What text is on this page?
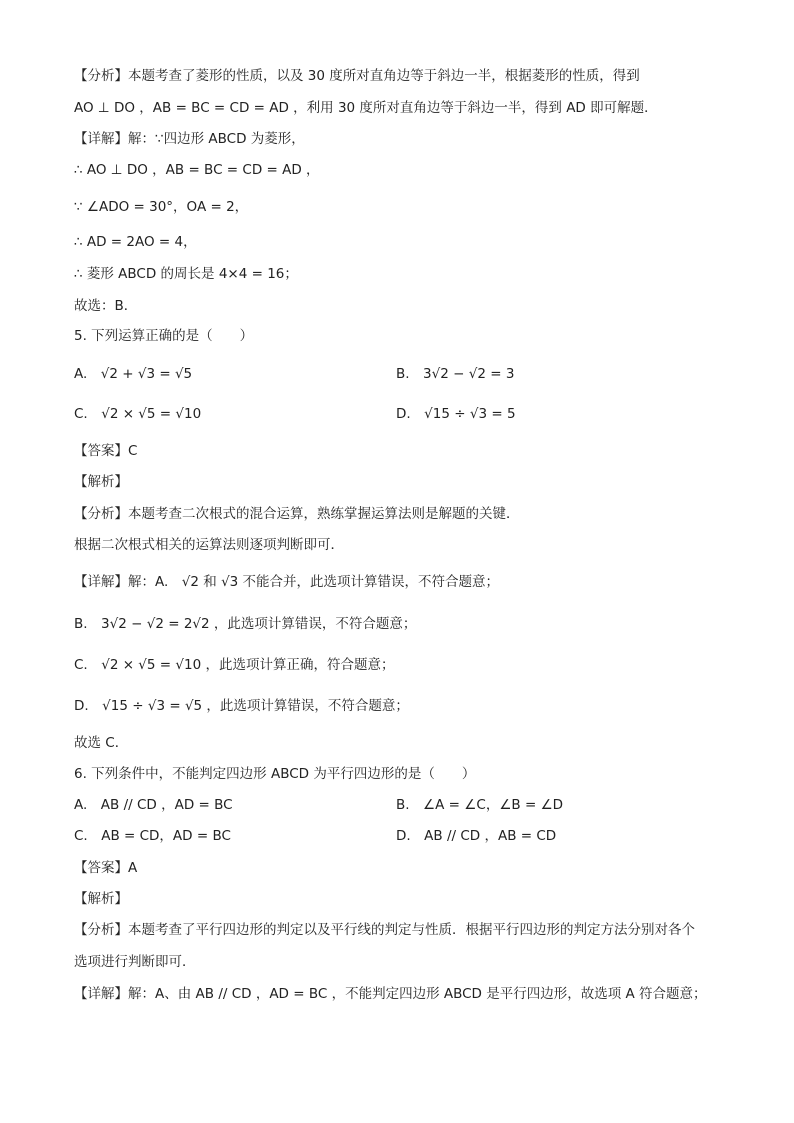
【分析】本题考查了菱形的性质，以及 30 度所对直角边等于斜边一半，根据菱形的性质，得到
AO ⊥ DO ，AB = BC = CD = AD ，利用 30 度所对直角边等于斜边一半，得到 AD 即可解题．
【详解】解：∵四边形 ABCD 为菱形，
∴ AO ⊥ DO ，AB = BC = CD = AD ，
∵ ∠ADO = 30°，OA = 2，
∴ AD = 2AO = 4，
∴ 菱形 ABCD 的周长是 4×4 = 16；
故选：B．
5. 下列运算正确的是（　　）
A.　√2 + √3 = √5	B.　3√2 − √2 = 3
C.　√2 × √5 = √10	D.　√15 ÷ √3 = 5
【答案】C
【解析】
【分析】本题考查二次根式的混合运算，熟练掌握运算法则是解题的关键．
根据二次根式相关的运算法则逐项判断即可．
【详解】解：A.　√2 和 √3 不能合并，此选项计算错误，不符合题意；
B.　3√2 − √2 = 2√2 ，此选项计算错误，不符合题意；
C.　√2 × √5 = √10 ，此选项计算正确，符合题意；
D.　√15 ÷ √3 = √5 ，此选项计算错误，不符合题意；
故选 C．
6. 下列条件中，不能判定四边形 ABCD 为平行四边形的是（　　）
A.　AB // CD ，AD = BC	B.　∠A = ∠C，∠B = ∠D
C.　AB = CD，AD = BC	D.　AB // CD ，AB = CD
【答案】A
【解析】
【分析】本题考查了平行四边形的判定以及平行线的判定与性质．根据平行四边形的判定方法分别对各个
选项进行判断即可．
【详解】解：A、由 AB // CD ，AD = BC ，不能判定四边形 ABCD 是平行四边形，故选项 A 符合题意；
